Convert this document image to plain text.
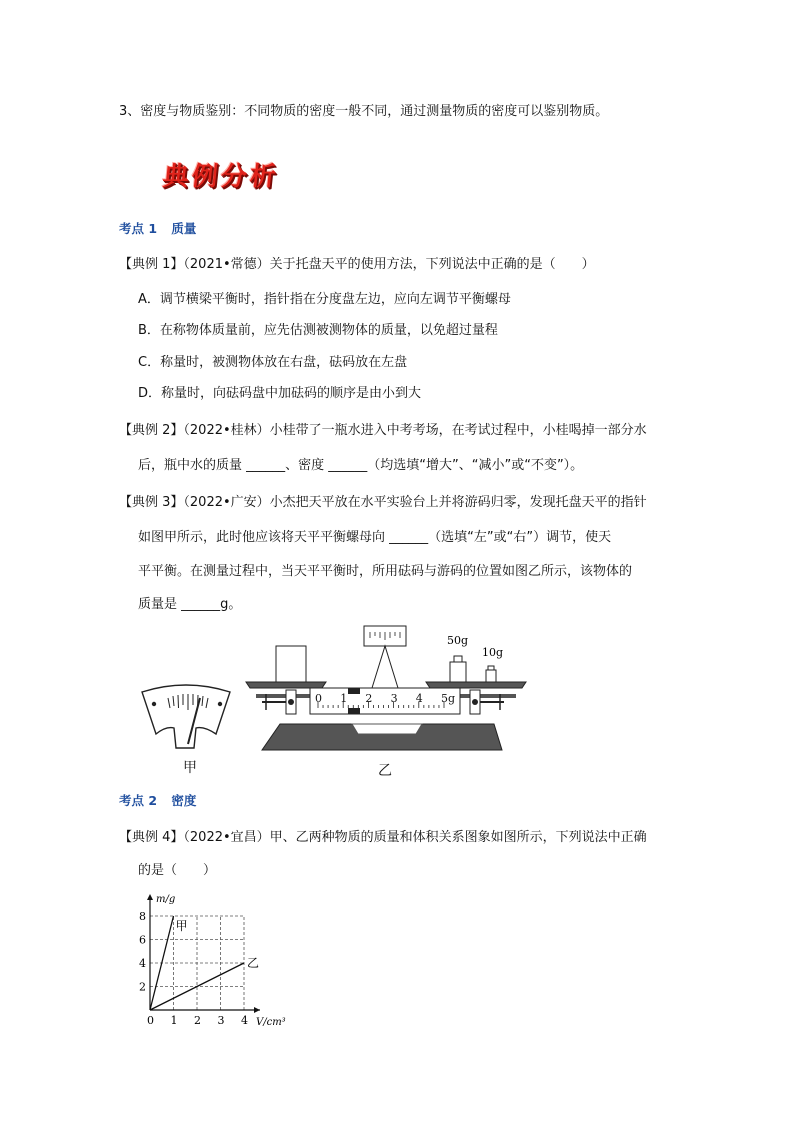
3、密度与物质鉴别：不同物质的密度一般不同，通过测量物质的密度可以鉴别物质。
典例分析
考点 1 质量
【典例 1】（2021•常德）关于托盘天平的使用方法，下列说法中正确的是（　　）
A．调节横梁平衡时，指针指在分度盘左边，应向左调节平衡螺母
B．在称物体质量前，应先估测被测物体的质量，以免超过量程
C．称量时，被测物体放在右盘，砝码放在左盘
D．称量时，向砝码盘中加砝码的顺序是由小到大
【典例 2】（2022•桂林）小桂带了一瓶水进入中考考场，在考试过程中，小桂喝掉一部分水
后，瓶中水的质量 ______、密度 ______（均选填“增大”、“减小”或“不变”）。
【典例 3】（2022•广安）小杰把天平放在水平实验台上并将游码归零，发现托盘天平的指针
如图甲所示，此时他应该将天平平衡螺母向 ______（选填“左”或“右”）调节，使天
平平衡。在测量过程中，当天平平衡时，所用砝码与游码的位置如图乙所示，该物体的
质量是 ______g。
甲
50g
10g
0 1 2 3 4 5g
乙
考点 2 密度
【典例 4】（2022•宜昌）甲、乙两种物质的质量和体积关系图象如图所示，下列说法中正确
的是（　　）
0 1 2 3 4
2
4
6
8
V/cm³
m/g
甲
乙
